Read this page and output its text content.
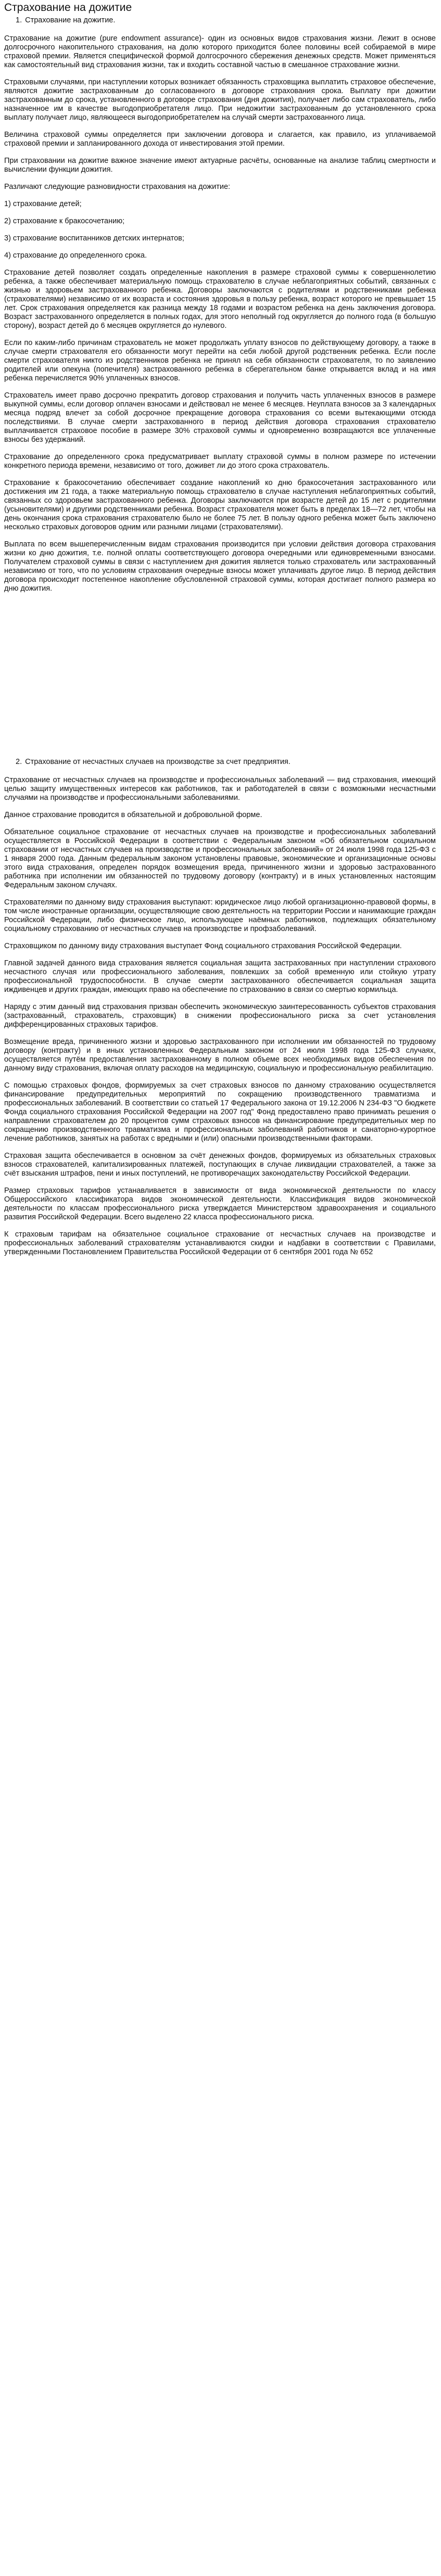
Страхование на дожитие
1. Страхование на дожитие.

Страхование на дожитие (pure endowment assurance)- один из основных видов страхования жизни. Лежит в основе долгосрочного накопительного страхования, на долю которого приходится более половины всей собираемой в мире страховой премии. Является специфической формой долгосрочного сбережения денежных средств. Может применяться как самостоятельный вид страхования жизни, так и входить составной частью в смешанное страхование жизни.

Страховыми случаями, при наступлении которых возникает обязанность страховщика выплатить страховое обеспечение, являются дожитие застрахованным до согласованного в договоре страхования срока. Выплату при дожитии застрахованным до срока, установленного в договоре страхования (дня дожития), получает либо сам страхователь, либо назначенное им в качестве выгодоприобретателя лицо. При недожитии застрахованным до установленного срока выплату получает лицо, являющееся выгодоприобретателем на случай смерти застрахованного лица.

Величина страховой суммы определяется при заключении договора и слагается, как правило, из уплачиваемой страховой премии и запланированного дохода от инвестирования этой премии.

При страховании на дожитие важное значение имеют актуарные расчёты, основанные на анализе таблиц смертности и вычислении функции дожития.

Различают следующие разновидности страхования на дожитие:

1) страхование детей;

2) страхование к бракосочетанию;

3) страхование воспитанников детских интернатов;

4) страхование до определенного срока.

Страхование детей позволяет создать определенные накопления в размере страховой суммы к совершеннолетию ребенка, а также обеспечивает материальную помощь страхователю в случае неблагоприятных событий, связанных с жизнью и здоровьем застрахованного ребенка. Договоры заключаются с родителями и родственниками ребенка (страхователями) независимо от их возраста и состояния здоровья в пользу ребенка, возраст которого не превышает 15 лет. Срок страхования определяется как разница между 18 годами и возрастом ребенка на день заключения договора. Возраст застрахованного определяется в полных годах, для этого неполный год округляется до полного года (в большую сторону), возраст детей до 6 месяцев округляется до нулевого.

Если по каким-либо причинам страхователь не может продолжать уплату взносов по действующему договору, а также в случае смерти страхователя его обязанности могут перейти на себя любой другой родственник ребенка. Если после смерти страхователя никто из родственников ребенка не принял на себя обязанности страхователя, то по заявлению родителей или опекуна (попечителя) застрахованного ребенка в сберегательном банке открывается вклад и на имя ребенка перечисляется 90% уплаченных взносов.

Страхователь имеет право досрочно прекратить договор страхования и получить часть уплаченных взносов в размере выкупной суммы, если договор оплачен взносами и действовал не менее 6 месяцев. Неуплата взносов за 3 календарных месяца подряд влечет за собой досрочное прекращение договора страхования со всеми вытекающими отсюда последствиями. В случае смерти застрахованного в период действия договора страхования страхователю выплачивается страховое пособие в размере 30% страховой суммы и одновременно возвращаются все уплаченные взносы без удержаний.

Страхование до определенного срока предусматривает выплату страховой суммы в полном размере по истечении конкретного периода времени, независимо от того, доживет ли до этого срока страхователь.

Страхование к бракосочетанию обеспечивает создание накоплений ко дню бракосочетания застрахованного или достижения им 21 года, а также материальную помощь страхователю в случае наступления неблагоприятных событий, связанных со здоровьем застрахованного ребенка. Договоры заключаются при возрасте детей до 15 лет с родителями (усыновителями) и другими родственниками ребенка. Возраст страхователя может быть в пределах 18—72 лет, чтобы на день окончания срока страхования страхователю было не более 75 лет. В пользу одного ребенка может быть заключено несколько страховых договоров одним или разными лицами (страхователями).

Выплата по всем вышеперечисленным видам страхования производится при условии действия договора страхования жизни ко дню дожития, т.е. полной оплаты соответствующего договора очередными или единовременными взносами. Получателем страховой суммы в связи с наступлением дня дожития является только страхователь или застрахованный независимо от того, что по условиям страхования очередные взносы может уплачивать другое лицо. В период действия договора происходит постепенное накопление обусловленной страховой суммы, которая достигает полного размера ко дню дожития.

2. Страхование от несчастных случаев на производстве за счет предприятия.

Страхование от несчастных случаев на производстве и профессиональных заболеваний — вид страхования, имеющий целью защиту имущественных интересов как работников, так и работодателей в связи с возможными несчастными случаями на производстве и профессиональными заболеваниями.

Данное страхование проводится в обязательной и добровольной форме.

Обязательное социальное страхование от несчастных случаев на производстве и профессиональных заболеваний осуществляется в Российской Федерации в соответствии с Федеральным законом «Об обязательном социальном страховании от несчастных случаев на производстве и профессиональных заболеваний» от 24 июля 1998 года 125-ФЗ с 1 января 2000 года. Данным федеральным законом установлены правовые, экономические и организационные основы этого вида страхования, определен порядок возмещения вреда, причиненного жизни и здоровью застрахованного работника при исполнении им обязанностей по трудовому договору (контракту) и в иных установленных настоящим Федеральным законом случаях.

Страхователями по данному виду страхования выступают: юридическое лицо любой организационно-правовой формы, в том числе иностранные организации, осуществляющие свою деятельность на территории России и нанимающие граждан Российской Федерации, либо физическое лицо, использующее наёмных работников, подлежащих обязательному социальному страхованию от несчастных случаев на производстве и профзаболеваний.

Страховщиком по данному виду страхования выступает Фонд социального страхования Российской Федерации.

Главной задачей данного вида страхования является социальная защита застрахованных при наступлении страхового несчастного случая или профессионального заболевания, повлекших за собой временную или стойкую утрату профессиональной трудоспособности. В случае смерти застрахованного обеспечивается социальная защита иждивенцев и других граждан, имеющих право на обеспечение по страхованию в связи со смертью кормильца.

Наряду с этим данный вид страхования призван обеспечить экономическую заинтересованность субъектов страхования (застрахованный, страхователь, страховщик) в снижении профессионального риска за счет установления дифференцированных страховых тарифов.

Возмещение вреда, причиненного жизни и здоровью застрахованного при исполнении им обязанностей по трудовому договору (контракту) и в иных установленных Федеральным законом от 24 июля 1998 года 125-ФЗ случаях, осуществляется путём предоставления застрахованному в полном объеме всех необходимых видов обеспечения по данному виду страхования, включая оплату расходов на медицинскую, социальную и профессиональную реабилитацию.

С помощью страховых фондов, формируемых за счет страховых взносов по данному страхованию осуществляется финансирование предупредительных мероприятий по сокращению производственного травматизма и профессиональных заболеваний. В соответствии со статьей 17 Федерального закона от 19.12.2006 N 234-ФЗ "О бюджете Фонда социального страхования Российской Федерации на 2007 год" Фонд предоставлено право принимать решения о направлении страхователем до 20 процентов сумм страховых взносов на финансирование предупредительных мер по сокращению производственного травматизма и профессиональных заболеваний работников и санаторно-курортное лечение работников, занятых на работах с вредными и (или) опасными производственными факторами.

Страховая защита обеспечивается в основном за счёт денежных фондов, формируемых из обязательных страховых взносов страхователей, капитализированных платежей, поступающих в случае ликвидации страхователей, а также за счёт взыскания штрафов, пени и иных поступлений, не противоречащих законодательству Российской Федерации.

Размер страховых тарифов устанавливается в зависимости от вида экономической деятельности по классу Общероссийского классификатора видов экономической деятельности. Классификация видов экономической деятельности по классам профессионального риска утверждается Министерством здравоохранения и социального развития Российской Федерации. Всего выделено 22 класса профессионального риска.

К страховым тарифам на обязательное социальное страхование от несчастных случаев на производстве и профессиональных заболеваний страхователям устанавливаются скидки и надбавки в соответствии с Правилами, утвержденными Постановлением Правительства Российской Федерации от 6 сентября 2001 года № 652
